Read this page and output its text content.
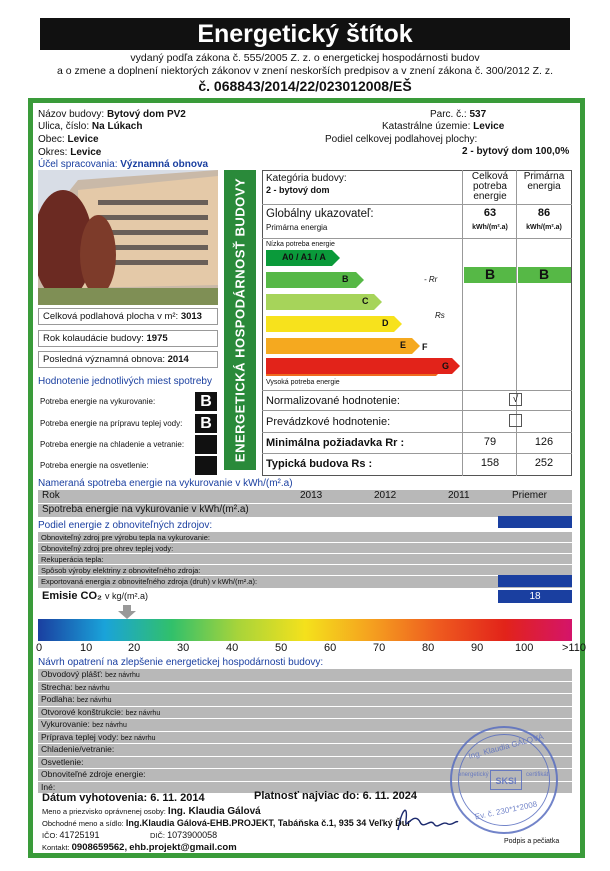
Energetický štítok
vydaný podľa zákona č. 555/2005 Z. z. o energetickej hospodárnosti budov
a o zmene a doplnení niektorých zákonov v znení neskorších predpisov a v znení zákona č. 300/2012 Z. z.
č. 068843/2014/22/023012008/EŠ
Názov budovy: Bytový dom PV2
Ulica, číslo: Na Lúkach
Obec: Levice
Okres: Levice
Účel spracovania: Významná obnova
Parc. č.: 537
Katastrálne územie: Levice
Podiel celkovej podlahovej plochy:
2 - bytový dom 100,0%
Celková podlahová plocha v m²: 3013
Rok kolaudácie budovy: 1975
Posledná významná obnova: 2014
Hodnotenie jednotlivých miest spotreby
Potreba energie na vykurovanie:	B
Potreba energie na prípravu teplej vody:	B
Potreba energie na chladenie a vetranie:
Potreba energie na osvetlenie:
ENERGETICKÁ HOSPODÁRNOSŤ BUDOVY Kategória budovy:
2 - bytový dom
Celková potreba energie
Primárna energia
Globálny ukazovateľ:
Primárna energia
63	86
kWh/(m².a)	kWh/(m².a)
Nízka potreba energie
Vysoká potreba energie
A0 / A1 / A
B
C
D
E F
G
- Rr
Rs
B	B
Normalizované hodnotenie:	√
Prevádzkové hodnotenie:
Minimálna požiadavka Rr :	79	126
Typická budova Rs :	158	252
Nameraná spotreba energie na vykurovanie v kWh/(m².a)
Rok	2013	2012	2011	Priemer
Spotreba energie na vykurovanie v kWh/(m².a)
Podiel energie z obnoviteľných zdrojov:
Obnoviteľný zdroj pre výrobu tepla na vykurovanie:
Obnoviteľný zdroj pre ohrev teplej vody:
Rekuperácia tepla:
Spôsob výroby elektriny z obnoviteľného zdroja:
Exportovaná energia z obnoviteľného zdroja (druh) v kWh/(m².a):
Emisie CO₂ v kg/(m².a)	18
0	10	20	30	40	50	60	70	80	90	100	>110
Návrh opatrení na zlepšenie energetickej hospodárnosti budovy:
Obvodový plášť: bez návrhu
Strecha: bez návrhu
Podlaha: bez návrhu
Otvorové konštrukcie: bez návrhu
Vykurovanie: bez návrhu
Príprava teplej vody: bez návrhu
Chladenie/vetranie:
Osvetlenie:
Obnoviteľné zdroje energie:
Iné:
Dátum vyhotovenia: 6. 11. 2014	Platnosť najviac do: 6. 11. 2024
Meno a priezvisko oprávnenej osoby: Ing. Klaudia Gálová
Obchodné meno a sídlo: Ing.Klaudia Gálová-EHB.PROJEKT, Tabáňska č.1, 935 34 Veľký Ďur
IČO: 41725191	DIČ: 1073900058
Kontakt: 0908659562, ehb.projekt@gmail.com
Ing. Klaudia GÁLOVÁ
SKSI
energetický	certifikát
Ev. č. 230*1*2008
Podpis a pečiatka
